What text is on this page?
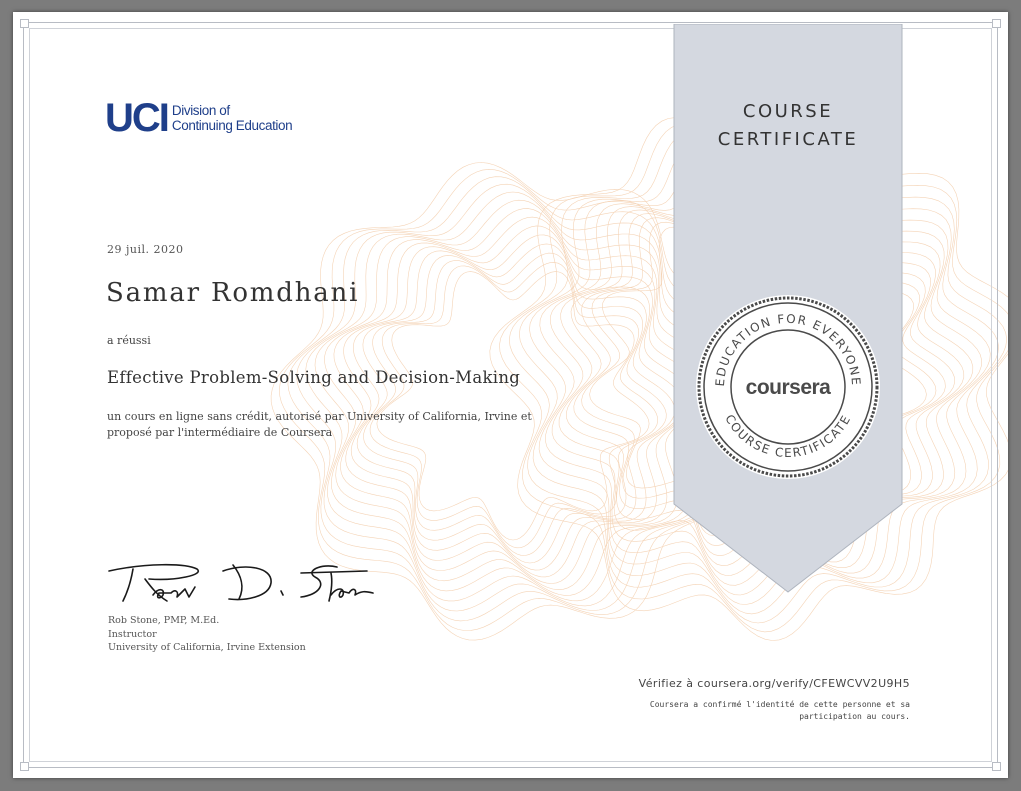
UCI Division of
Continuing Education
29 juil. 2020
Samar Romdhani
a réussi
Effective Problem-Solving and Decision-Making
un cours en ligne sans crédit, autorisé par University of California, Irvine et proposé par l'intermédiaire de Coursera
Rob Stone, PMP, M.Ed.
Instructor
University of California, Irvine Extension
COURSE
CERTIFICATE
EDUCATION FOR EVERYONE
COURSE CERTIFICATE
coursera
Vérifiez à coursera.org/verify/CFEWCVV2U9H5
Coursera a confirmé l'identité de cette personne et sa participation au cours.
